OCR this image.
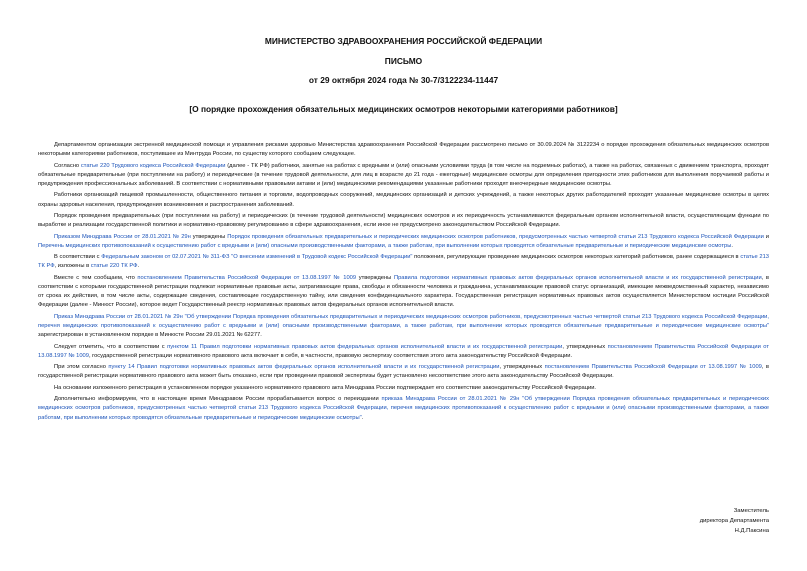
МИНИСТЕРСТВО ЗДРАВООХРАНЕНИЯ РОССИЙСКОЙ ФЕДЕРАЦИИ
ПИСЬМО
от 29 октября 2024 года № 30-7/3122234-11447
[О порядке прохождения обязательных медицинских осмотров некоторыми категориями работников]

Департаментом организации экстренной медицинской помощи и управления рисками здоровью Министерства здравоохранения Российской Федерации рассмотрено письмо от 30.09.2024 № 3122234 о порядке прохождения обязательных медицинских осмотров некоторыми категориями работников, поступившее из Минтруда России, по существу которого сообщаем следующее.

Согласно статье 220 Трудового кодекса Российской Федерации (далее - ТК РФ) работники, занятые на работах с вредными и (или) опасными условиями труда (в том числе на подземных работах), а также на работах, связанных с движением транспорта, проходят обязательные предварительные (при поступлении на работу) и периодические (в течение трудовой деятельности, для лиц в возрасте до 21 года - ежегодные) медицинские осмотры для определения пригодности этих работников для выполнения поручаемой работы и предупреждения профессиональных заболеваний. В соответствии с нормативными правовыми актами и (или) медицинскими рекомендациями указанные работники проходят внеочередные медицинские осмотры.

Работники организаций пищевой промышленности, общественного питания и торговли, водопроводных сооружений, медицинских организаций и детских учреждений, а также некоторых других работодателей проходят указанные медицинские осмотры в целях охраны здоровья населения, предупреждения возникновения и распространения заболеваний.

Порядок проведения предварительных (при поступлении на работу) и периодических (в течение трудовой деятельности) медицинских осмотров и их периодичность устанавливаются федеральным органом исполнительной власти, осуществляющим функции по выработке и реализации государственной политики и нормативно-правовому регулированию в сфере здравоохранения, если иное не предусмотрено законодательством Российской Федерации.

Приказом Минздрава России от 28.01.2021 № 29н утверждены Порядок проведения обязательных предварительных и периодических медицинских осмотров работников, предусмотренных частью четвертой статьи 213 Трудового кодекса Российской Федерации и Перечень медицинских противопоказаний к осуществлению работ с вредными и (или) опасными производственными факторами, а также работам, при выполнении которых проводятся обязательные предварительные и периодические медицинские осмотры.

В соответствии с Федеральным законом от 02.07.2021 № 311-ФЗ "О внесении изменений в Трудовой кодекс Российской Федерации" положения, регулирующие проведение медицинских осмотров некоторых категорий работников, ранее содержащиеся в статье 213 ТК РФ, изложены в статье 220 ТК РФ.

Вместе с тем сообщаем, что постановлением Правительства Российской Федерации от 13.08.1997 № 1009 утверждены Правила подготовки нормативных правовых актов федеральных органов исполнительной власти и их государственной регистрации, в соответствии с которыми государственной регистрации подлежат нормативные правовые акты, затрагивающие права, свободы и обязанности человека и гражданина, устанавливающие правовой статус организаций, имеющие межведомственный характер, независимо от срока их действия, в том числе акты, содержащие сведения, составляющие государственную тайну, или сведения конфиденциального характера. Государственная регистрация нормативных правовых актов осуществляется Министерством юстиции Российской Федерации (далее - Минюст России), которое ведет Государственный реестр нормативных правовых актов федеральных органов исполнительной власти.

Приказ Минздрава России от 28.01.2021 № 29н "Об утверждении Порядка проведения обязательных предварительных и периодических медицинских осмотров работников, предусмотренных частью четвертой статьи 213 Трудового кодекса Российской Федерации, перечня медицинских противопоказаний к осуществлению работ с вредными и (или) опасными производственными факторами, а также работам, при выполнении которых проводятся обязательные предварительные и периодические медицинские осмотры" зарегистрирован в установленном порядке в Минюсте России 29.01.2021 № 62277.

Следует отметить, что в соответствии с пунктом 11 Правил подготовки нормативных правовых актов федеральных органов исполнительной власти и их государственной регистрации, утвержденных постановлением Правительства Российской Федерации от 13.08.1997 № 1009, государственной регистрации нормативного правового акта включает в себя, в частности, правовую экспертизу соответствия этого акта законодательству Российской Федерации.

При этом согласно пункту 14 Правил подготовки нормативных правовых актов федеральных органов исполнительной власти и их государственной регистрации, утвержденных постановлением Правительства Российской Федерации от 13.08.1997 № 1009, в государственной регистрации нормативного правового акта может быть отказано, если при проведении правовой экспертизы будет установлено несоответствие этого акта законодательству Российской Федерации.

На основании изложенного регистрация в установленном порядке указанного нормативного правового акта Минздрава России подтверждает его соответствие законодательству Российской Федерации.

Дополнительно информируем, что в настоящее время Минздравом России прорабатывается вопрос о переиздании приказа Минздрава России от 28.01.2021 № 29н "Об утверждении Порядка проведения обязательных предварительных и периодических медицинских осмотров работников, предусмотренных частью четвертой статьи 213 Трудового кодекса Российской Федерации, перечня медицинских противопоказаний к осуществлению работ с вредными и (или) опасными производственными факторами, а также работам, при выполнении которых проводятся обязательные предварительные и периодические медицинские осмотры".

Заместитель
директора Департамента
Н.Д.Паксина
